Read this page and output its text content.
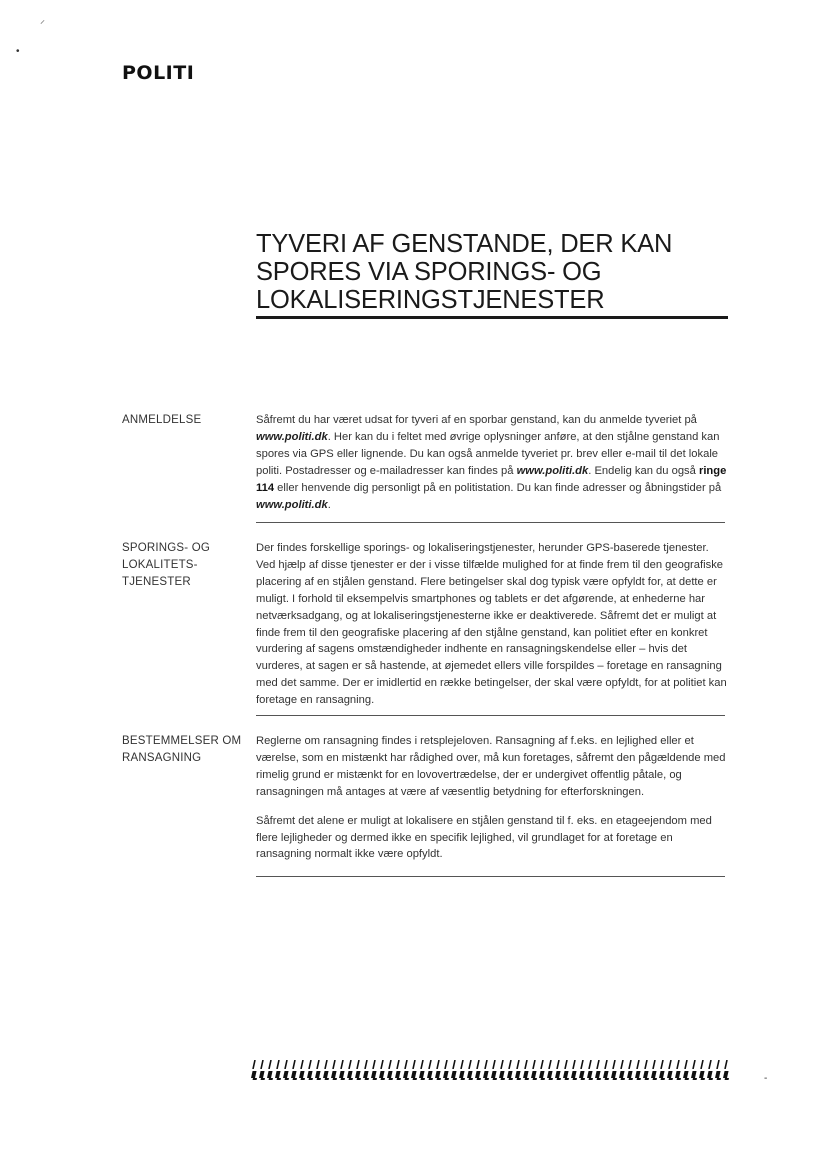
⸝
•
POLITI
TYVERI AF GENSTANDE, DER KAN SPORES VIA SPORINGS- OG LOKALISERINGSTJENESTER
ANMELDELSE	Såfremt du har været udsat for tyveri af en sporbar genstand, kan du anmelde tyveriet på www.politi.dk. Her kan du i feltet med øvrige oplysninger anføre, at den stjålne genstand kan spores via GPS eller lignende. Du kan også anmelde tyveriet pr. brev eller e-mail til det lokale politi. Postadresser og e-mailadresser kan findes på www.politi.dk. Endelig kan du også ringe 114 eller henvende dig personligt på en politistation. Du kan finde adresser og åbningstider på www.politi.dk.
SPORINGS- OG LOKALITETS-TJENESTER
Der findes forskellige sporings- og lokaliseringstjenester, herunder GPS-baserede tjenester. Ved hjælp af disse tjenester er der i visse tilfælde mulighed for at finde frem til den geografiske placering af en stjålen genstand. Flere betingelser skal dog typisk være opfyldt for, at dette er muligt. I forhold til eksempelvis smartphones og tablets er det afgørende, at enhederne har netværksadgang, og at lokaliseringstjenesterne ikke er deaktiverede. Såfremt det er muligt at finde frem til den geografiske placering af den stjålne genstand, kan politiet efter en konkret vurdering af sagens omstændigheder indhente en ransagningskendelse eller – hvis det vurderes, at sagen er så hastende, at øjemedet ellers ville forspildes – foretage en ransagning med det samme. Der er imidlertid en række betingelser, der skal være opfyldt, for at politiet kan foretage en ransagning.
BESTEMMELSER OM RANSAGNING

Reglerne om ransagning findes i retsplejeloven. Ransagning af f.eks. en lejlighed eller et værelse, som en mistænkt har rådighed over, må kun foretages, såfremt den pågældende med rimelig grund er mistænkt for en lovovertrædelse, der er undergivet offentlig påtale, og ransagningen må antages at være af væsentlig betydning for efterforskningen.

Såfremt det alene er muligt at lokalisere en stjålen genstand til f. eks. en etageejendom med flere lejligheder og dermed ikke en specifik lejlighed, vil grundlaget for at foretage en ransagning normalt ikke være opfyldt.

-
